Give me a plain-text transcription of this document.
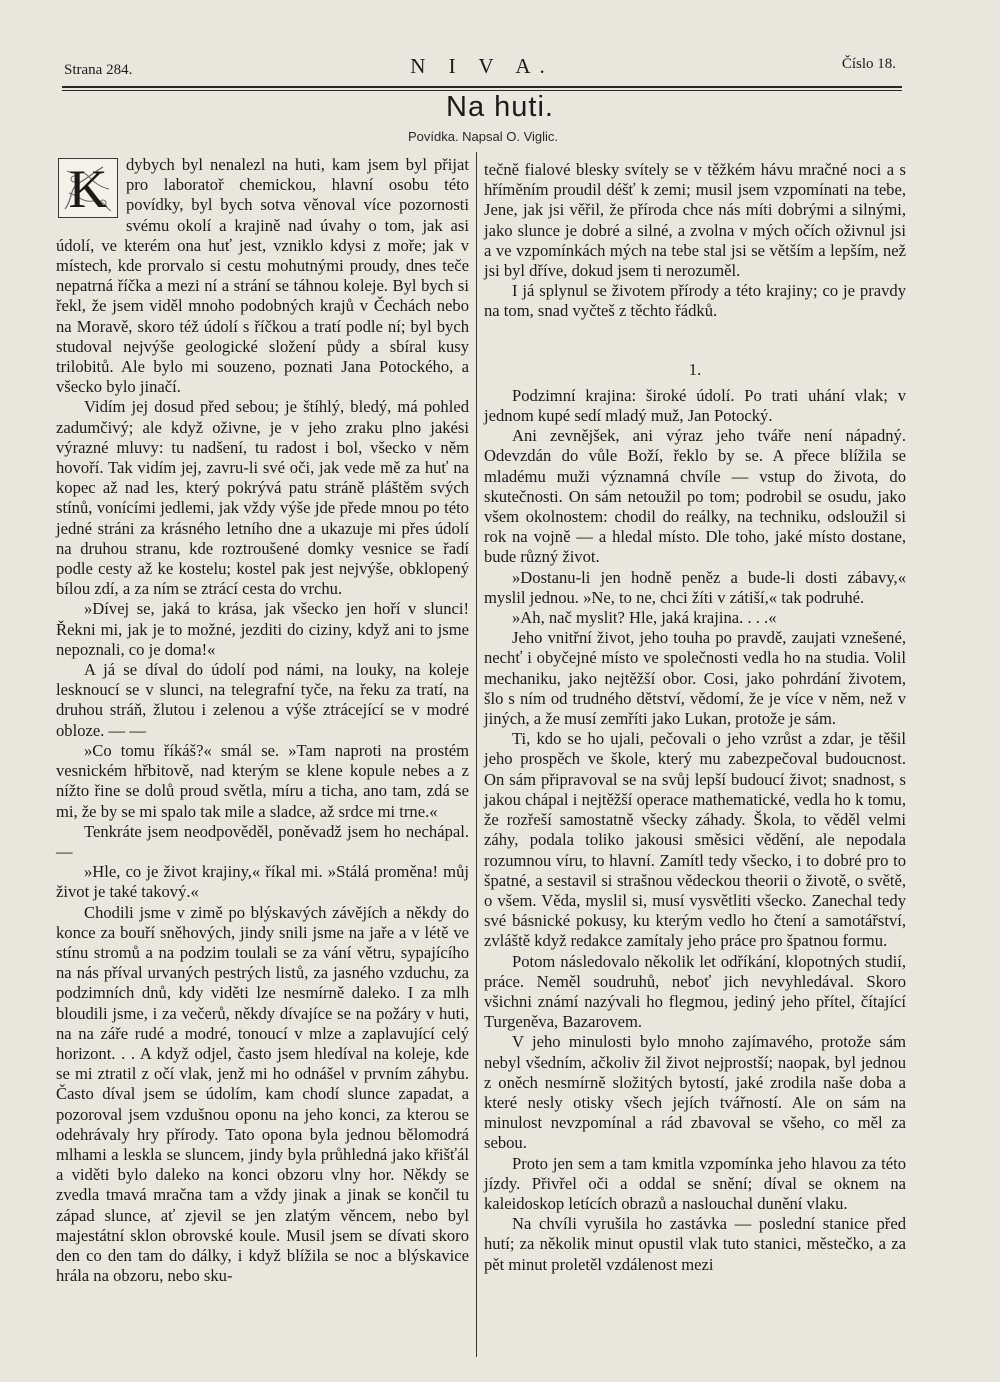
Strana 284.	N I V A.	Číslo 18.
Na huti.
Povídka. Napsal O. Viglic.

K	dybych byl nenalezl na huti, kam jsem byl přijat pro laboratoř chemickou, hlavní osobu této povídky, byl bych sotva věnoval více pozornosti svému okolí a krajině nad úvahy o tom, jak asi údolí, ve kterém ona huť jest, vzniklo kdysi z moře; jak v místech, kde prorvalo si cestu mohutnými proudy, dnes teče nepatrná říčka a mezi ní a strání se táhnou koleje. Byl bych si řekl, že jsem viděl mnoho podobných krajů v Čechách nebo na Moravě, skoro též údolí s říčkou a tratí podle ní; byl bych studoval nejvýše geologické složení půdy a sbíral kusy trilobitů. Ale bylo mi souzeno, poznati Jana Potockého, a všecko bylo jinačí.

Vidím jej dosud před sebou; je štíhlý, bledý, má pohled zadumčivý; ale když oživne, je v jeho zraku plno jakési výrazné mluvy: tu nadšení, tu radost i bol, všecko v něm hovoří. Tak vidím jej, zavru-li své oči, jak vede mě za huť na kopec až nad les, který pokrývá patu stráně pláštěm svých stínů, vonícími jedlemi, jak vždy výše jde přede mnou po této jedné stráni za krásného letního dne a ukazuje mi přes údolí na druhou stranu, kde roztroušené domky vesnice se řadí podle cesty až ke kostelu; kostel pak jest nejvýše, obklopený bílou zdí, a za ním se ztrácí cesta do vrchu.

»Dívej se, jaká to krása, jak všecko jen hoří v slunci! Řekni mi, jak je to možné, jezditi do ciziny, když ani to jsme nepoznali, co je doma!«

A já se díval do údolí pod námi, na louky, na koleje lesknoucí se v slunci, na telegrafní tyče, na řeku za tratí, na druhou stráň, žlutou i zelenou a výše ztrácející se v modré obloze. — —

»Co tomu říkáš?« smál se. »Tam naproti na prostém vesnickém hřbitově, nad kterým se klene kopule nebes a z nížto řine se dolů proud světla, míru a ticha, ano tam, zdá se mi, že by se mi spalo tak mile a sladce, až srdce mi trne.«

Tenkráte jsem neodpověděl, poněvadž jsem ho nechápal. —

»Hle, co je život krajiny,« říkal mi. »Stálá proměna! můj život je také takový.«

Chodili jsme v zimě po blýskavých závějích a někdy do konce za bouří sněhových, jindy snili jsme na jaře a v létě ve stínu stromů a na podzim toulali se za vání větru, sypajícího na nás příval urvaných pestrých listů, za jasného vzduchu, za podzimních dnů, kdy viděti lze nesmírně daleko. I za mlh bloudili jsme, i za večerů, někdy dívajíce se na požáry v huti, na na záře rudé a modré, tonoucí v mlze a zaplavující celý horizont. . . A když odjel, často jsem hledíval na koleje, kde se mi ztratil z očí vlak, jenž mi ho odnášel v prvním záhybu. Často díval jsem se údolím, kam chodí slunce zapadat, a pozoroval jsem vzdušnou oponu na jeho konci, za kterou se odehrávaly hry přírody. Tato opona byla jednou bělomodrá mlhami a leskla se sluncem, jindy byla průhledná jako křišťál a viděti bylo daleko na konci obzoru vlny hor. Někdy se zvedla tmavá mračna tam a vždy jinak a jinak se končil tu západ slunce, ať zjevil se jen zlatým věncem, nebo byl majestátní sklon obrovské koule. Musil jsem se dívati skoro den co den tam do dálky, i když blížila se noc a blýskavice hrála na obzoru, nebo sku-

tečně fialové blesky svítely se v těžkém hávu mračné noci a s hříměním proudil déšť k zemi; musil jsem vzpomínati na tebe, Jene, jak jsi věřil, že příroda chce nás míti dobrými a silnými, jako slunce je dobré a silné, a zvolna v mých očích oživnul jsi a ve vzpomínkách mých na tebe stal jsi se větším a lepším, než jsi byl dříve, dokud jsem ti nerozuměl.

I já splynul se životem přírody a této krajiny; co je pravdy na tom, snad vyčteš z těchto řádků.

1.

Podzimní krajina: široké údolí. Po trati uhání vlak; v jednom kupé sedí mladý muž, Jan Potocký.

Ani zevnějšek, ani výraz jeho tváře není nápadný. Odevzdán do vůle Boží, řeklo by se. A přece blížila se mladému muži významná chvíle — vstup do života, do skutečnosti. On sám netoužil po tom; podrobil se osudu, jako všem okolnostem: chodil do reálky, na techniku, odsloužil si rok na vojně — a hledal místo. Dle toho, jaké místo dostane, bude různý život.

»Dostanu-li jen hodně peněz a bude-li dosti zábavy,« myslil jednou. »Ne, to ne, chci žíti v zátiší,« tak podruhé.

»Ah, nač myslit? Hle, jaká krajina. . . .«

Jeho vnitřní život, jeho touha po pravdě, zaujati vznešené, nechť i obyčejné místo ve společnosti vedla ho na studia. Volil mechaniku, jako nejtěžší obor. Cosi, jako pohrdání životem, šlo s ním od trudného dětství, vědomí, že je více v něm, než v jiných, a že musí zemříti jako Lukan, protože je sám.

Ti, kdo se ho ujali, pečovali o jeho vzrůst a zdar, je těšil jeho prospěch ve škole, který mu zabezpečoval budoucnost. On sám připravoval se na svůj lepší budoucí život; snadnost, s jakou chápal i nejtěžší operace mathematické, vedla ho k tomu, že rozřeší samostatně všecky záhady. Škola, to věděl velmi záhy, podala toliko jakousi směsici vědění, ale nepodala rozumnou víru, to hlavní. Zamítl tedy všecko, i to dobré pro to špatné, a sestavil si strašnou vědeckou theorii o životě, o světě, o všem. Věda, myslil si, musí vysvětliti všecko. Zanechal tedy své básnické pokusy, ku kterým vedlo ho čtení a samotářství, zvláště když redakce zamítaly jeho práce pro špatnou formu.

Potom následovalo několik let odříkání, klopotných studií, práce. Neměl soudruhů, neboť jich nevyhledával. Skoro všichni známí nazývali ho flegmou, jediný jeho přítel, čítající Turgeněva, Bazarovem.

V jeho minulosti bylo mnoho zajímavého, protože sám nebyl všedním, ačkoliv žil život nejprostší; naopak, byl jednou z oněch nesmírně složitých bytostí, jaké zrodila naše doba a které nesly otisky všech jejích tvářností. Ale on sám na minulost nevzpomínal a rád zbavoval se všeho, co měl za sebou.

Proto jen sem a tam kmitla vzpomínka jeho hlavou za této jízdy. Přivřel oči a oddal se snění; díval se oknem na kaleidoskop letících obrazů a naslouchal dunění vlaku.

Na chvíli vyrušila ho zastávka — poslední stanice před hutí; za několik minut opustil vlak tuto stanici, městečko, a za pět minut proletěl vzdálenost mezi
